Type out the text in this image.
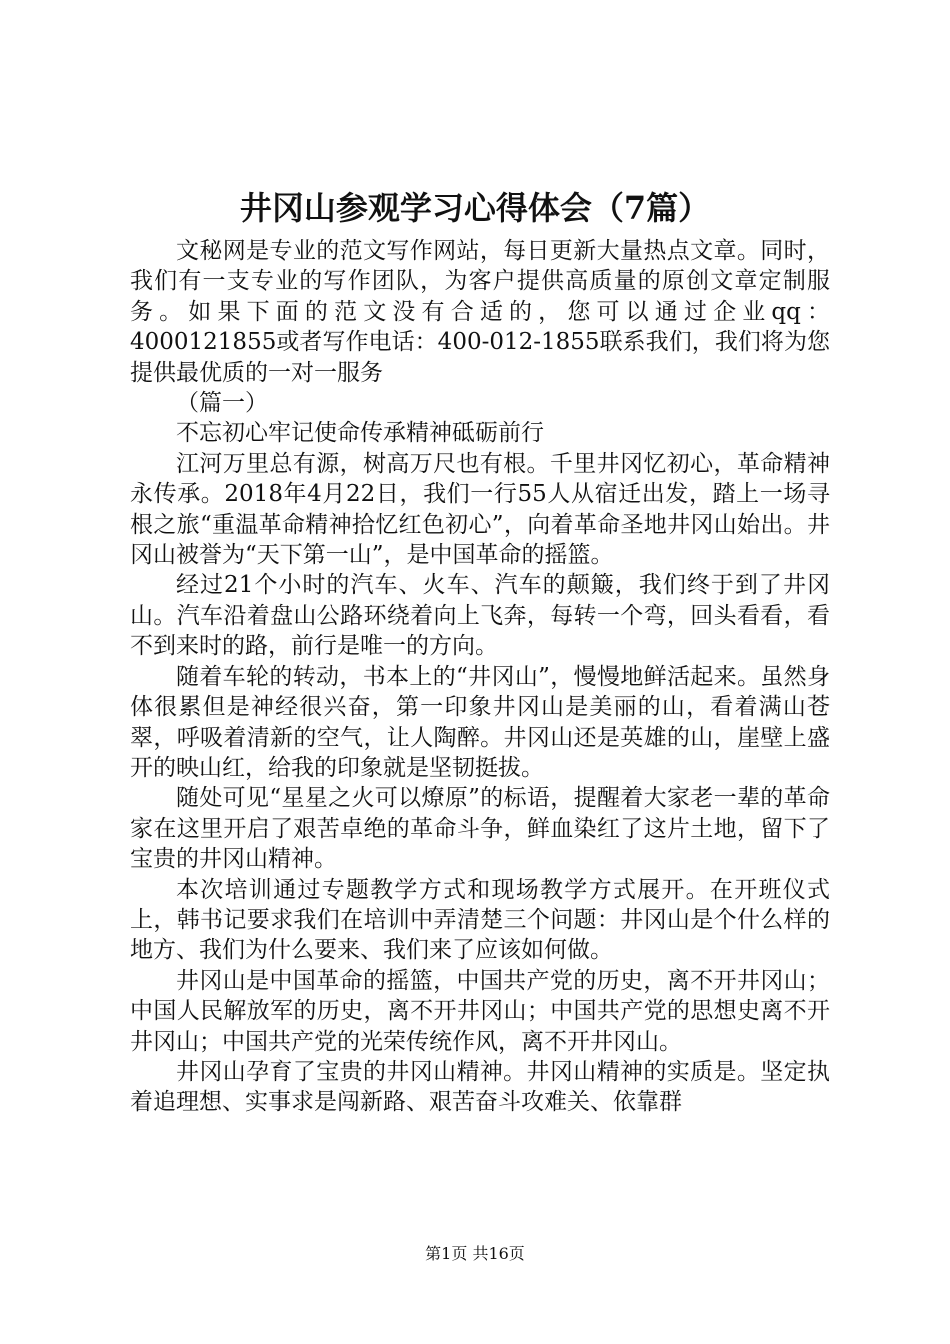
井冈山参观学习心得体会（7篇）

文秘网是专业的范文写作网站，每日更新大量热点文章。同时，我们有一支专业的写作团队，为客户提供高质量的原创文章定制服务。如果下面的范文没有合适的，您可以通过企业qq：4000121855或者写作电话：400-012-1855联系我们，我们将为您提供最优质的一对一服务

（篇一）

不忘初心牢记使命传承精神砥砺前行

江河万里总有源，树高万尺也有根。千里井冈忆初心，革命精神永传承。2018年4月22日，我们一行55人从宿迁出发，踏上一场寻根之旅“重温革命精神拾忆红色初心”，向着革命圣地井冈山始出。井冈山被誉为“天下第一山”，是中国革命的摇篮。

经过21个小时的汽车、火车、汽车的颠簸，我们终于到了井冈山。汽车沿着盘山公路环绕着向上飞奔，每转一个弯，回头看看，看不到来时的路，前行是唯一的方向。

随着车轮的转动，书本上的“井冈山”，慢慢地鲜活起来。虽然身体很累但是神经很兴奋，第一印象井冈山是美丽的山，看着满山苍翠，呼吸着清新的空气，让人陶醉。井冈山还是英雄的山，崖壁上盛开的映山红，给我的印象就是坚韧挺拔。

随处可见“星星之火可以燎原”的标语，提醒着大家老一辈的革命家在这里开启了艰苦卓绝的革命斗争，鲜血染红了这片土地，留下了宝贵的井冈山精神。

本次培训通过专题教学方式和现场教学方式展开。在开班仪式上，韩书记要求我们在培训中弄清楚三个问题：井冈山是个什么样的地方、我们为什么要来、我们来了应该如何做。

井冈山是中国革命的摇篮，中国共产党的历史，离不开井冈山；中国人民解放军的历史，离不开井冈山；中国共产党的思想史离不开井冈山；中国共产党的光荣传统作风，离不开井冈山。

井冈山孕育了宝贵的井冈山精神。井冈山精神的实质是。坚定执着追理想、实事求是闯新路、艰苦奋斗攻难关、依靠群

第1页 共16页
